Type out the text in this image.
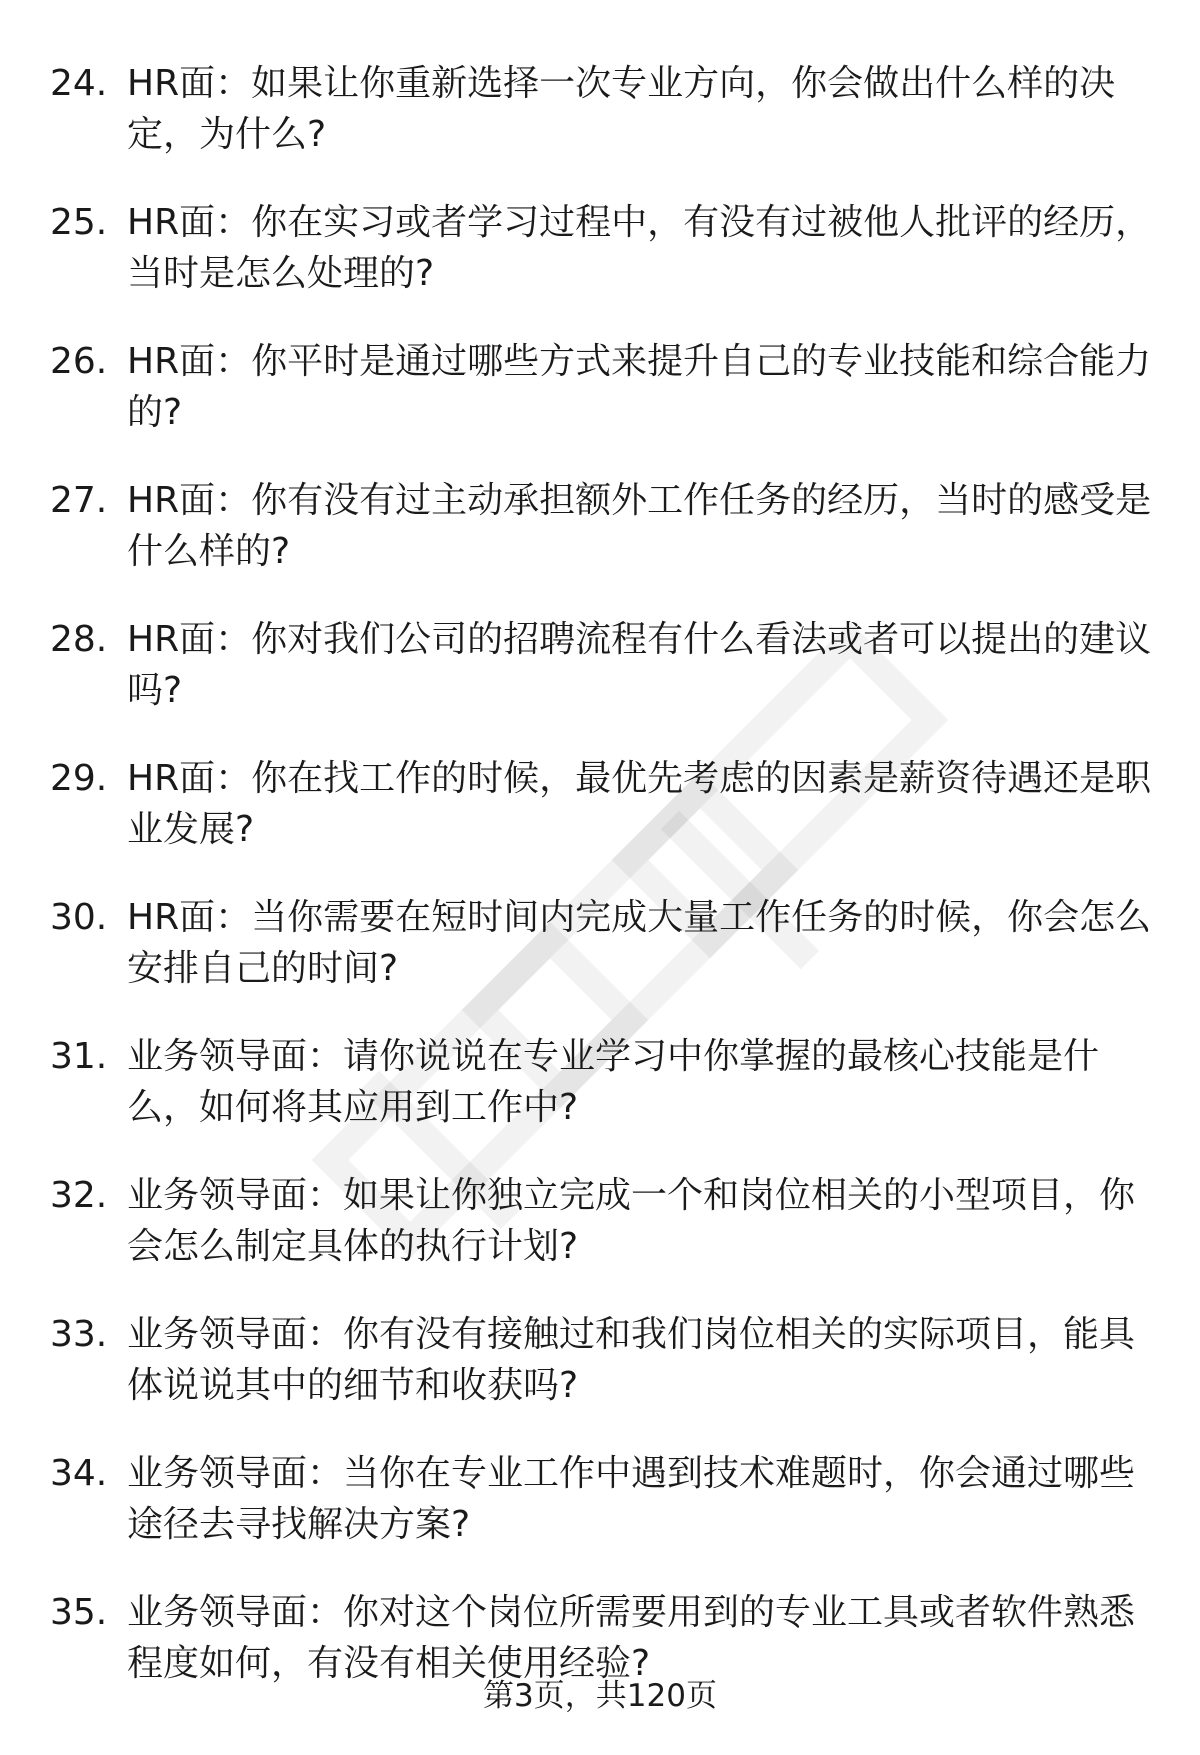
24. HR面：如果让你重新选择一次专业方向，你会做出什么样的决定，为什么?
25. HR面：你在实习或者学习过程中，有没有过被他人批评的经历，当时是怎么处理的?
26. HR面：你平时是通过哪些方式来提升自己的专业技能和综合能力的?
27. HR面：你有没有过主动承担额外工作任务的经历，当时的感受是什么样的?
28. HR面：你对我们公司的招聘流程有什么看法或者可以提出的建议吗?
29. HR面：你在找工作的时候，最优先考虑的因素是薪资待遇还是职业发展?
30. HR面：当你需要在短时间内完成大量工作任务的时候，你会怎么安排自己的时间?
31. 业务领导面：请你说说在专业学习中你掌握的最核心技能是什么，如何将其应用到工作中?
32. 业务领导面：如果让你独立完成一个和岗位相关的小型项目，你会怎么制定具体的执行计划?
33. 业务领导面：你有没有接触过和我们岗位相关的实际项目，能具体说说其中的细节和收获吗?
34. 业务领导面：当你在专业工作中遇到技术难题时，你会通过哪些途径去寻找解决方案?
35. 业务领导面：你对这个岗位所需要用到的专业工具或者软件熟悉程度如何，有没有相关使用经验?
第3页，共120页
